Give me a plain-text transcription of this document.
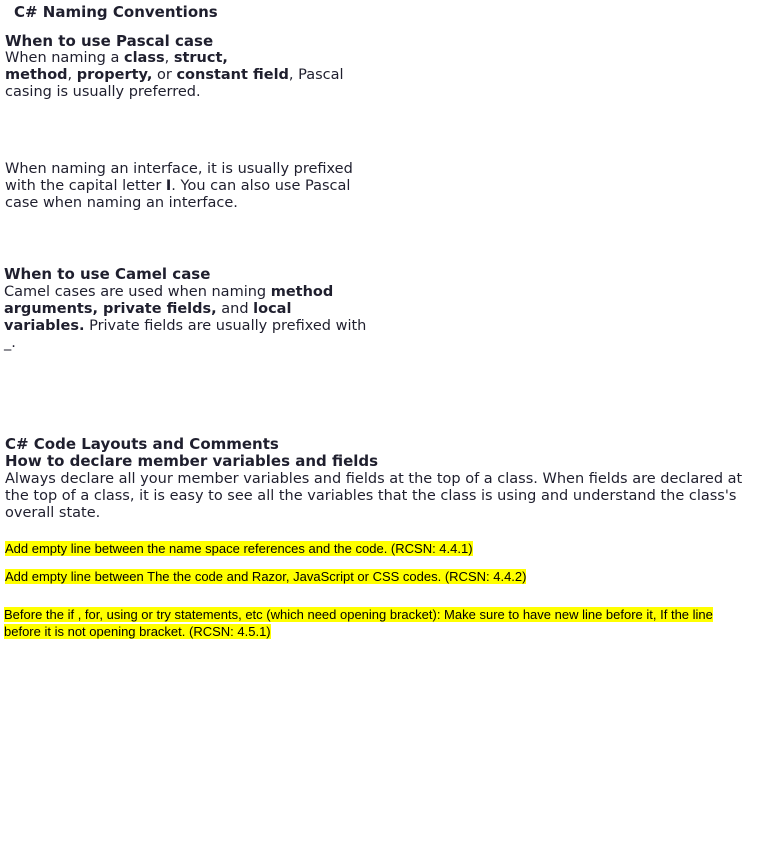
C# Naming Conventions
When to use Pascal case

When naming a class, struct,

method, property, or constant field, Pascal

casing is usually preferred.

When naming an interface, it is usually prefixed

with the capital letter I. You can also use Pascal

case when naming an interface.

When to use Camel case

Camel cases are used when naming method

arguments, private fields, and local

variables. Private fields are usually prefixed with

_.

C# Code Layouts and Comments
How to declare member variables and fields

Always declare all your member variables and fields at the top of a class. When fields are declared at

the top of a class, it is easy to see all the variables that the class is using and understand the class's

overall state.

Add empty line between the name space references and the code. (RCSN: 4.4.1)
Add empty line between The the code and Razor, JavaScript or CSS codes. (RCSN: 4.4.2)
Before the if , for, using or try statements, etc (which need opening bracket): Make sure to have new line before it, If the line
before it is not opening bracket. (RCSN: 4.5.1)
